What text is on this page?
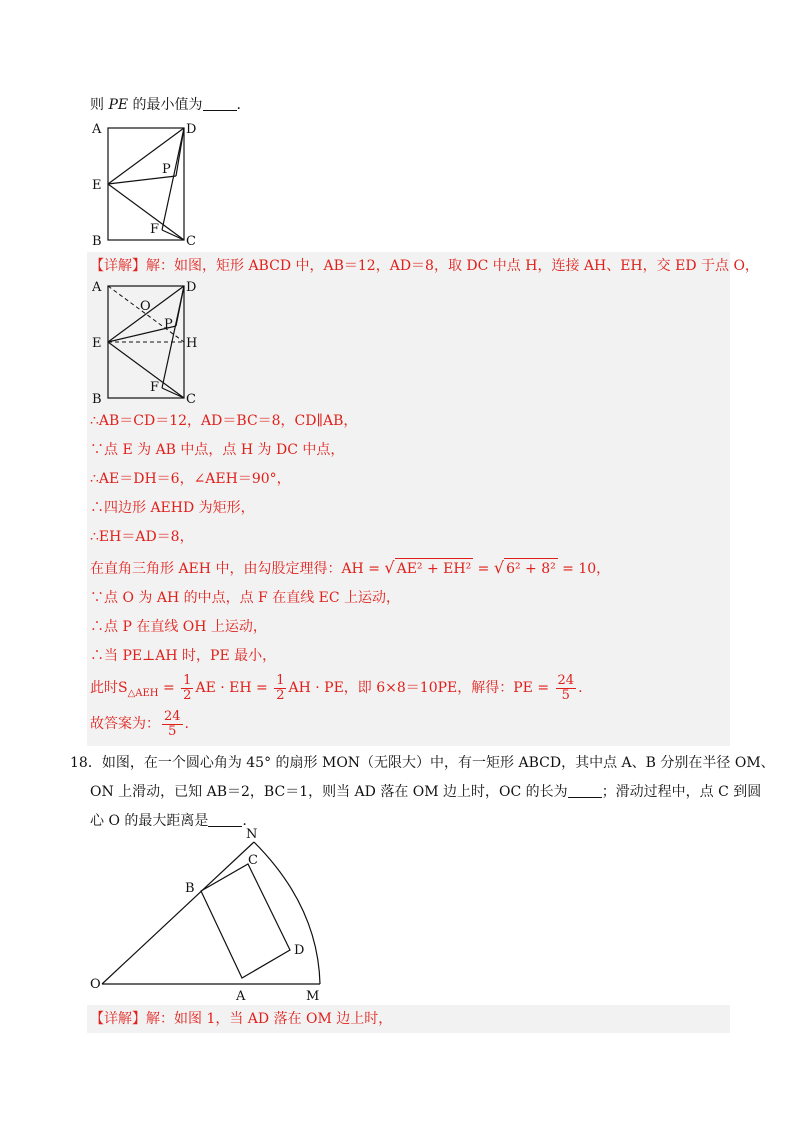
则 PE 的最小值为 .
A	D
E
P
F
B	C
【详解】解：如图，矩形 ABCD 中，AB＝12，AD＝8，取 DC 中点 H，连接 AH、EH，交 ED 于点 O，
A	D
O
P
E	H
F
B	C
∴AB＝CD＝12，AD＝BC＝8，CD∥AB，
∵点 E 为 AB 中点，点 H 为 DC 中点，
∴AE＝DH＝6，∠AEH＝90°，
∴四边形 AEHD 为矩形，
∴EH＝AD＝8，
在直角三角形 AEH 中，由勾股定理得：AH = √ AE² + EH² = √ 6² + 8² = 10，
∵点 O 为 AH 的中点，点 F 在直线 EC 上运动，
∴点 P 在直线 OH 上运动，
∴当 PE⊥AH 时，PE 最小，
此时$S_{\triangle AEH} = \frac{1}{2}$ AE · EH = $\frac{1}{2}$ AH · PE，即 6×8＝10PE，解得：PE = $\frac{24}{5}$ .
故答案为： $\frac{24}{5}$ .
18．如图，在一个圆心角为 45° 的扇形 MON（无限大）中，有一矩形 ABCD，其中点 A、B 分别在半径 OM、
ON 上滑动，已知 AB＝2，BC＝1，则当 AD 落在 OM 边上时，OC 的长为 ；滑动过程中，点 C 到圆
心 O 的最大距离是 .
N
C
B
D
O
A	M
【详解】解：如图 1，当 AD 落在 OM 边上时，
